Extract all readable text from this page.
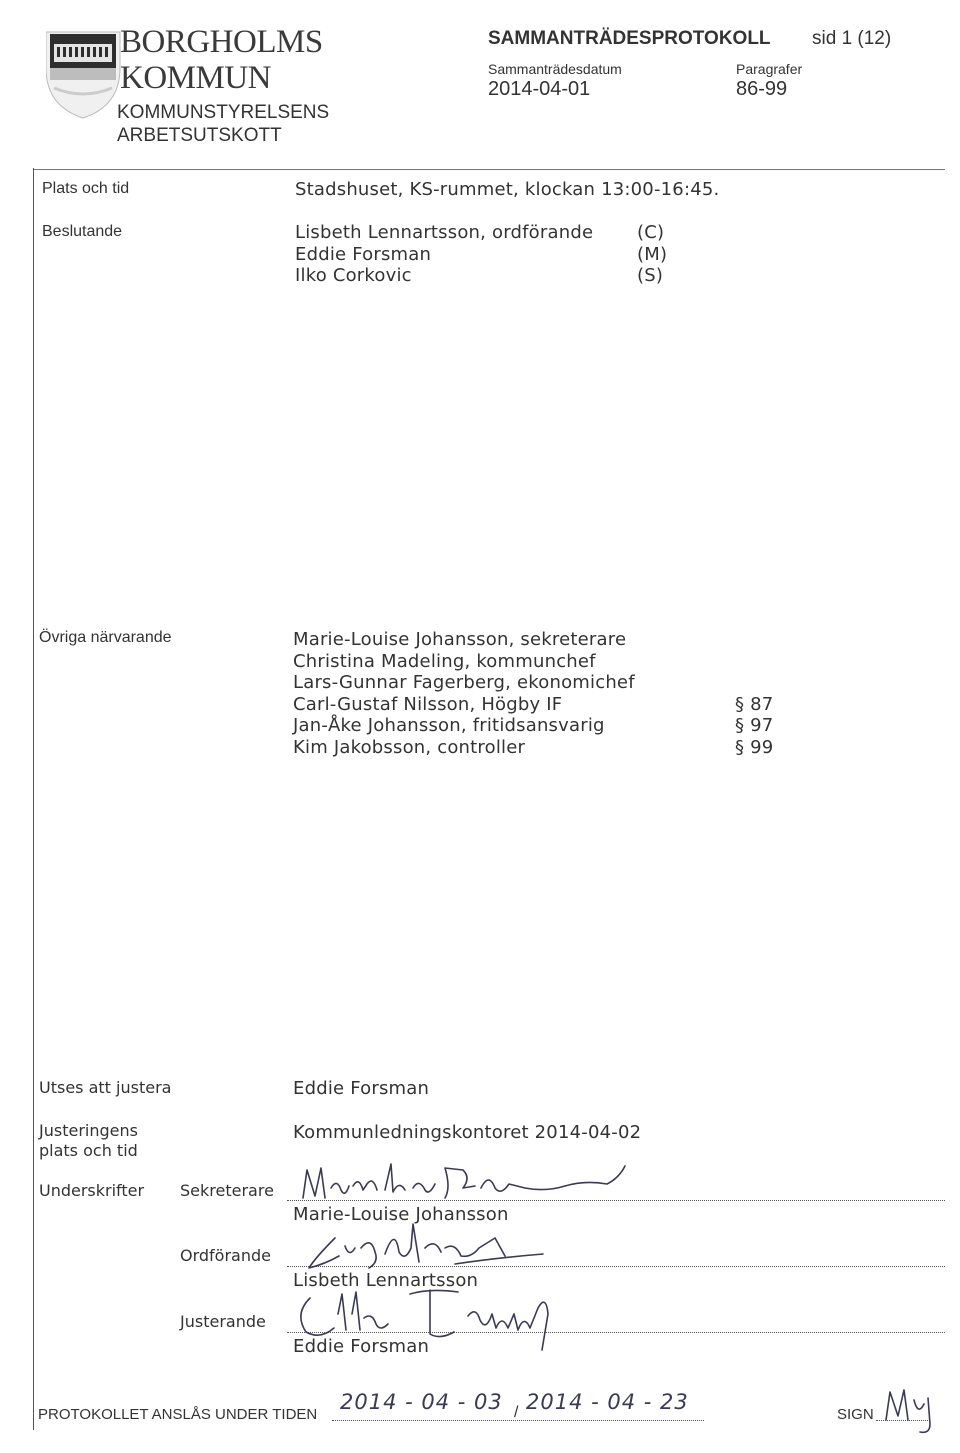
BORGHOLMS
KOMMUN
KOMMUNSTYRELSENS
ARBETSUTSKOTT
SAMMANTRÄDESPROTOKOLL sid 1 (12)
Sammanträdesdatum
2014-04-01
Paragrafer
86-99
Plats och tid	Stadshuset, KS-rummet, klockan 13:00-16:45.
Beslutande	Lisbeth Lennartsson, ordförande (C)
Eddie Forsman	(M)
Ilko Corkovic	(S)
Övriga närvarande	Marie-Louise Johansson, sekreterare
Christina Madeling, kommunchef
Lars-Gunnar Fagerberg, ekonomichef
Carl-Gustaf Nilsson, Högby IF	§ 87
Jan-Åke Johansson, fritidsansvarig	§ 97
Kim Jakobsson, controller	§ 99
Utses att justera	Eddie Forsman
Justeringens
plats och tid
Kommunledningskontoret 2014-04-02
Underskrifter Sekreterare
Marie-Louise Johansson
Ordförande
Lisbeth Lennartsson
Justerande
Eddie Forsman
PROTOKOLLET ANSLÅS UNDER TIDEN
2014 - 04 - 03 / 2014 - 04 - 23
SIGN
